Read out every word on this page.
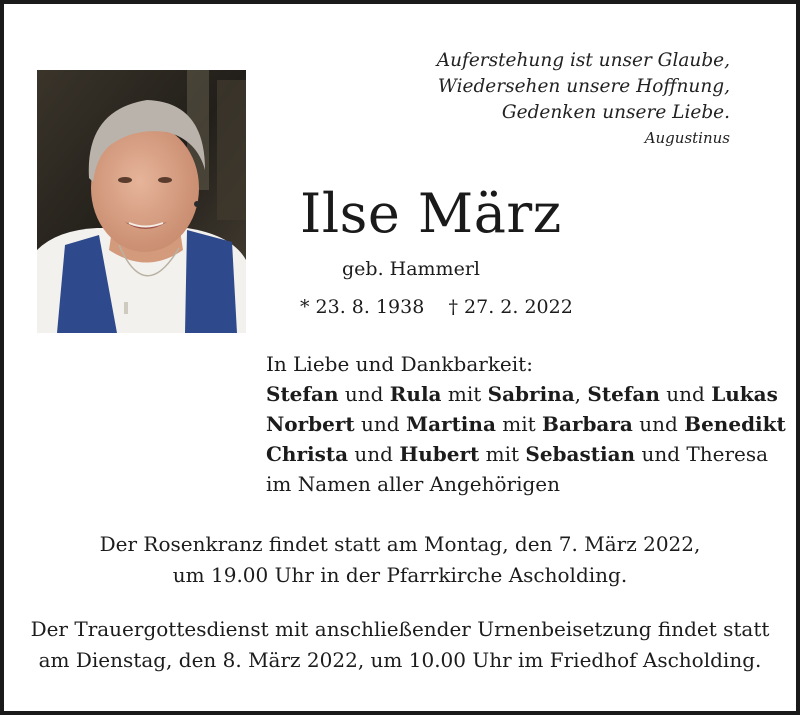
Auferstehung ist unser Glaube,
Wiedersehen unsere Hoffnung,
Gedenken unsere Liebe.
Augustinus
Ilse März
geb. Hammerl
* 23. 8. 1938 † 27. 2. 2022
In Liebe und Dankbarkeit:
Stefan und Rula mit Sabrina, Stefan und Lukas
Norbert und Martina mit Barbara und Benedikt
Christa und Hubert mit Sebastian und Theresa
im Namen aller Angehörigen
Der Rosenkranz findet statt am Montag, den 7. März 2022,
um 19.00 Uhr in der Pfarrkirche Ascholding.
Der Trauergottesdienst mit anschließender Urnenbeisetzung findet statt
am Dienstag, den 8. März 2022, um 10.00 Uhr im Friedhof Ascholding.
